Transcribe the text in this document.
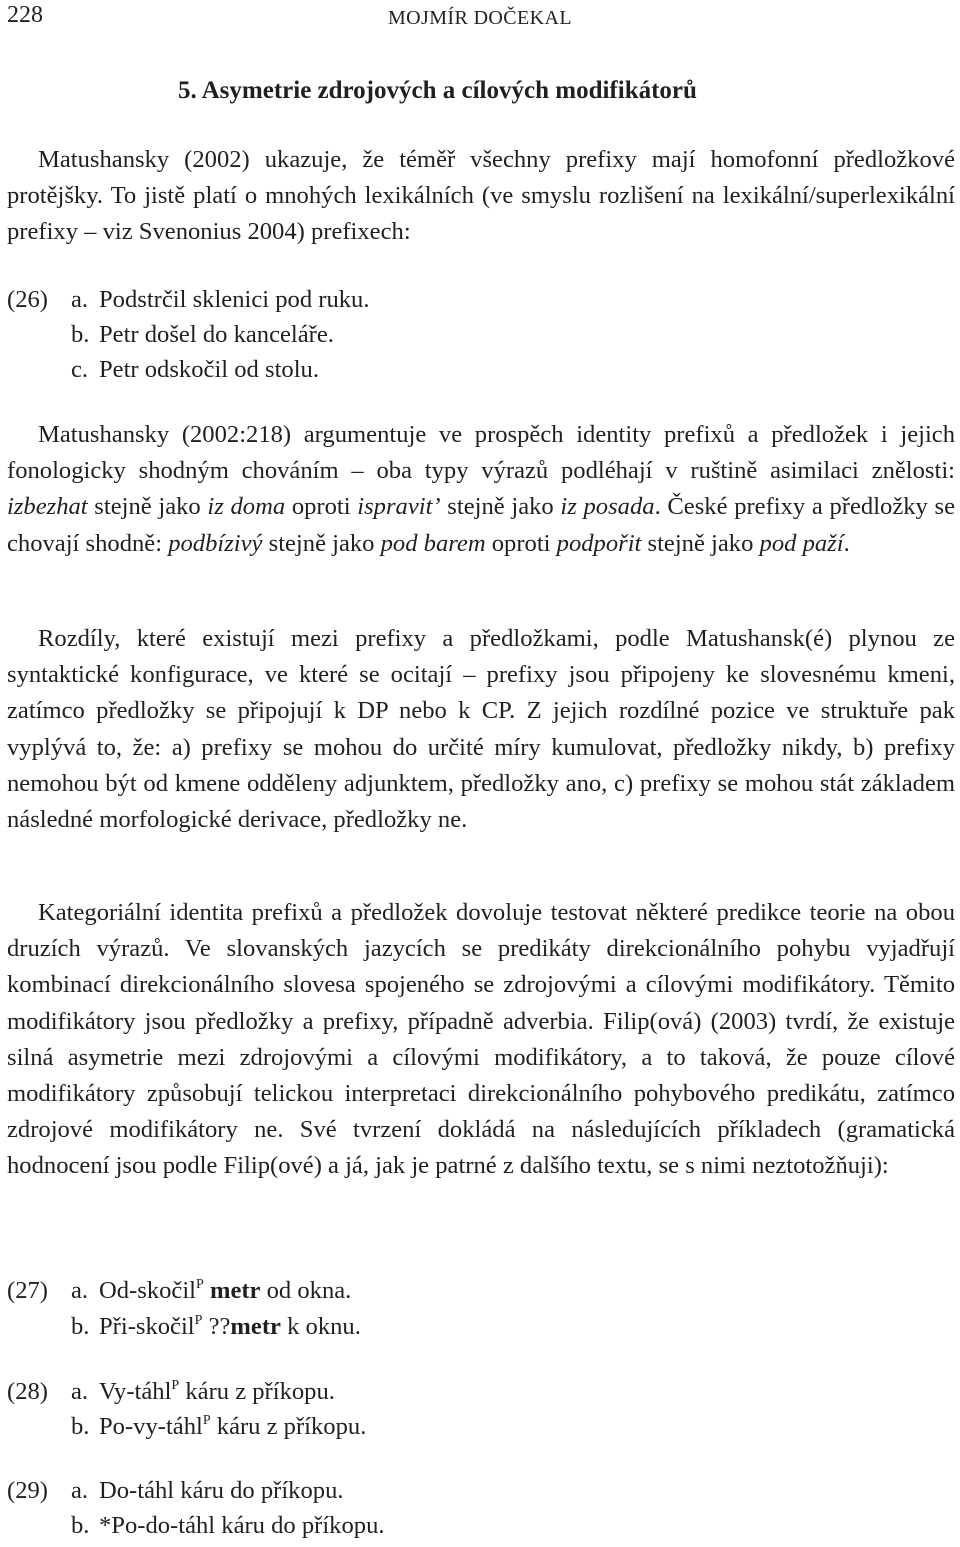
228	MOJMÍR DOČEKAL
5. Asymetrie zdrojových a cílových modifikátorů

Matushansky (2002) ukazuje, že téměř všechny prefixy mají homofonní předložkové protějšky. To jistě platí o mnohých lexikálních (ve smyslu rozlišení na lexikální/superlexikální prefixy – viz Svenonius 2004) prefixech:

(26) a. Podstrčil sklenici pod ruku.
b. Petr došel do kanceláře.
c. Petr odskočil od stolu.

Matushansky (2002:218) argumentuje ve prospěch identity prefixů a předložek i jejich fonologicky shodným chováním – oba typy výrazů podléhají v ruštině asimilaci znělosti: izbezhat stejně jako iz doma oproti ispravit’ stejně jako iz posada. České prefixy a předložky se chovají shodně: podbízivý stejně jako pod barem oproti podpořit stejně jako pod paží.

Rozdíly, které existují mezi prefixy a předložkami, podle Matushansk(é) plynou ze syntaktické konfigurace, ve které se ocitají – prefixy jsou připojeny ke slovesnému kmeni, zatímco předložky se připojují k DP nebo k CP. Z jejich rozdílné pozice ve struktuře pak vyplývá to, že: a) prefixy se mohou do určité míry kumulovat, předložky nikdy, b) prefixy nemohou být od kmene odděleny adjunktem, předložky ano, c) prefixy se mohou stát základem následné morfologické derivace, předložky ne.

Kategoriální identita prefixů a předložek dovoluje testovat některé predikce teorie na obou druzích výrazů. Ve slovanských jazycích se predikáty direkcionálního pohybu vyjadřují kombinací direkcionálního slovesa spojeného se zdrojovými a cílovými modifikátory. Těmito modifikátory jsou předložky a prefixy, případně adverbia. Filip(ová) (2003) tvrdí, že existuje silná asymetrie mezi zdrojovými a cílovými modifikátory, a to taková, že pouze cílové modifikátory způsobují telickou interpretaci direkcionálního pohybového predikátu, zatímco zdrojové modifikátory ne. Své tvrzení dokládá na následujících příkladech (gramatická hodnocení jsou podle Filip(ové) a já, jak je patrné z dalšího textu, se s nimi neztotožňuji):

(27) a. Od-skočil$^P$ metr od okna.
b. Při-skočil$^P$ ??metr k oknu.
(28) a. Vy-táhl$^P$ káru z příkopu.
b. Po-vy-táhl$^P$ káru z příkopu.
(29) a. Do-táhl káru do příkopu.
b. *Po-do-táhl káru do příkopu.
